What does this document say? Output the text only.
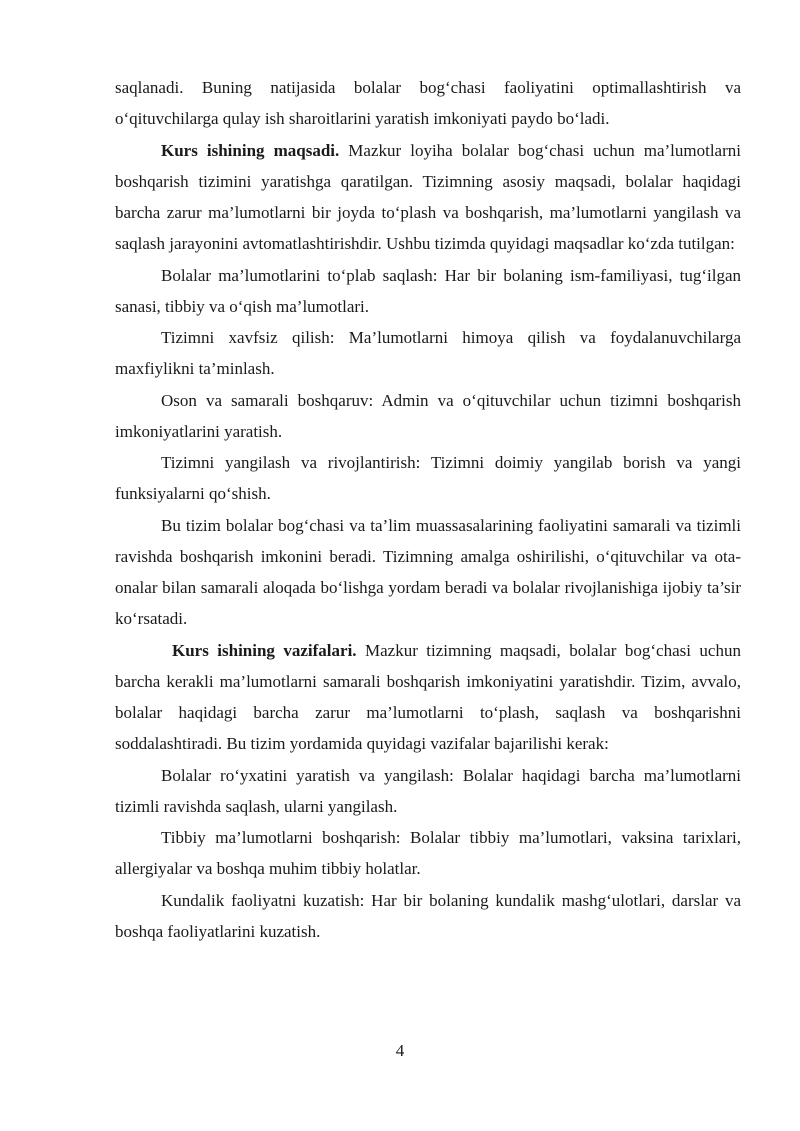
saqlanadi. Buning natijasida bolalar bog‘chasi faoliyatini optimallashtirish va o‘qituvchilarga qulay ish sharoitlarini yaratish imkoniyati paydo bo‘ladi.

Kurs ishining maqsadi. Mazkur loyiha bolalar bog‘chasi uchun ma’lumotlarni boshqarish tizimini yaratishga qaratilgan. Tizimning asosiy maqsadi, bolalar haqidagi barcha zarur ma’lumotlarni bir joyda to‘plash va boshqarish, ma’lumotlarni yangilash va saqlash jarayonini avtomatlashtirishdir. Ushbu tizimda quyidagi maqsadlar ko‘zda tutilgan:

Bolalar ma’lumotlarini to‘plab saqlash: Har bir bolaning ism-familiyasi, tug‘ilgan sanasi, tibbiy va o‘qish ma’lumotlari.

Tizimni xavfsiz qilish: Ma’lumotlarni himoya qilish va foydalanuvchilarga maxfiylikni ta’minlash.

Oson va samarali boshqaruv: Admin va o‘qituvchilar uchun tizimni boshqarish imkoniyatlarini yaratish.

Tizimni yangilash va rivojlantirish: Tizimni doimiy yangilab borish va yangi funksiyalarni qo‘shish.

Bu tizim bolalar bog‘chasi va ta’lim muassasalarining faoliyatini samarali va tizimli ravishda boshqarish imkonini beradi. Tizimning amalga oshirilishi, o‘qituvchilar va ota-onalar bilan samarali aloqada bo‘lishga yordam beradi va bolalar rivojlanishiga ijobiy ta’sir ko‘rsatadi.

Kurs ishining vazifalari. Mazkur tizimning maqsadi, bolalar bog‘chasi uchun barcha kerakli ma’lumotlarni samarali boshqarish imkoniyatini yaratishdir. Tizim, avvalo, bolalar haqidagi barcha zarur ma’lumotlarni to‘plash, saqlash va boshqarishni soddalashtiradi. Bu tizim yordamida quyidagi vazifalar bajarilishi kerak:

Bolalar ro‘yxatini yaratish va yangilash: Bolalar haqidagi barcha ma’lumotlarni tizimli ravishda saqlash, ularni yangilash.

Tibbiy ma’lumotlarni boshqarish: Bolalar tibbiy ma’lumotlari, vaksina tarixlari, allergiyalar va boshqa muhim tibbiy holatlar.

Kundalik faoliyatni kuzatish: Har bir bolaning kundalik mashg‘ulotlari, darslar va boshqa faoliyatlarini kuzatish.

4
